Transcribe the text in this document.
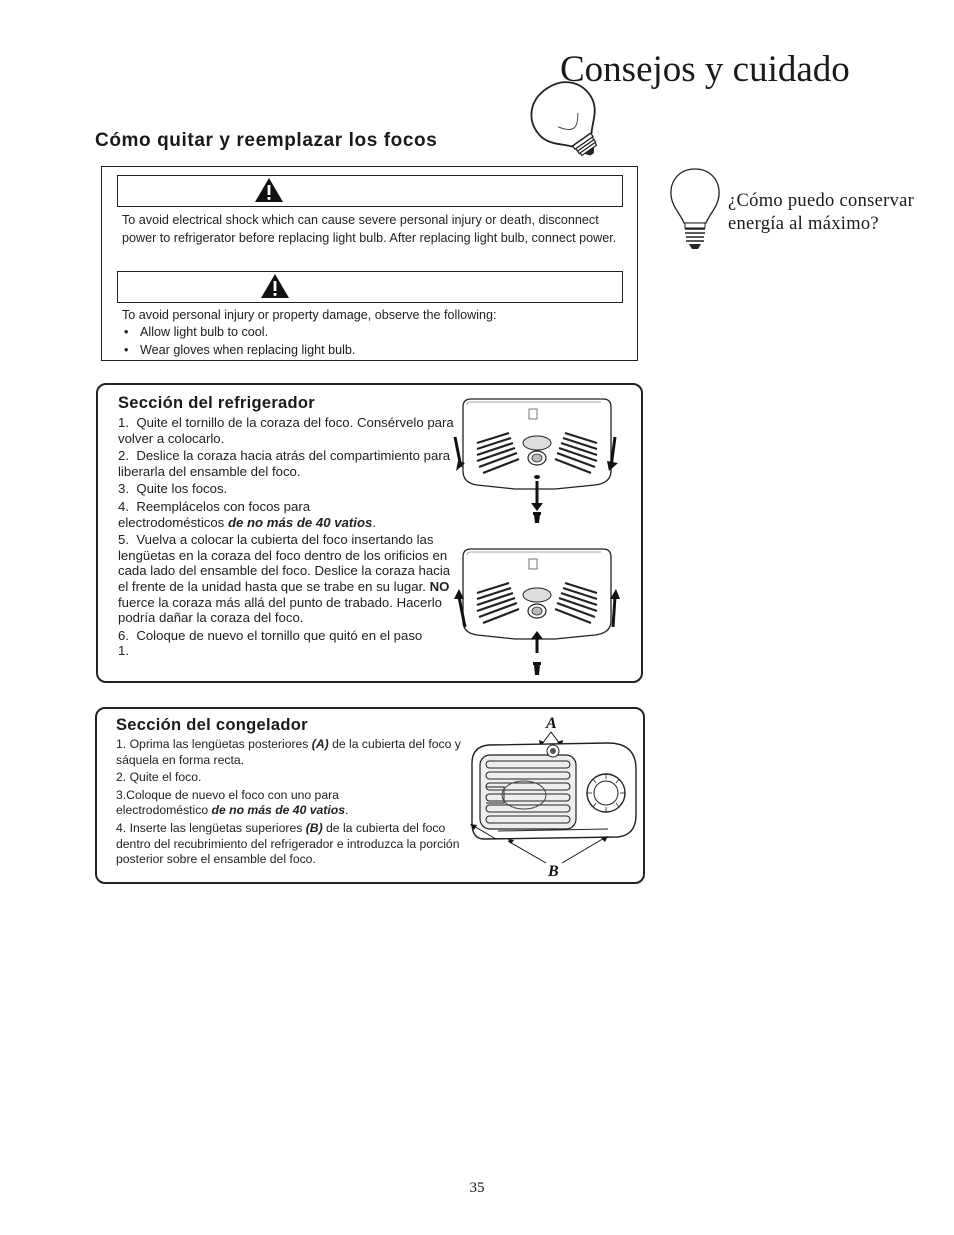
Consejos y cuidado
Cómo quitar y reemplazar los focos
¿Cómo puedo conservar energía al máximo?
To avoid electrical shock which can cause severe personal injury or death, disconnect power to refrigerator before replacing light bulb. After replacing light bulb, connect power.
To avoid personal injury or property damage, observe the following:
• Allow light bulb to cool.
• Wear gloves when replacing light bulb.
Sección del refrigerador
1. Quite el tornillo de la coraza del foco. Consérvelo para volver a colocarlo.
2. Deslice la coraza hacia atrás del compartimiento para liberarla del ensamble del foco.
3. Quite los focos.
4. Reemplácelos con focos para electrodomésticos de no más de 40 vatios.
5. Vuelva a colocar la cubierta del foco insertando las lengüetas en la coraza del foco dentro de los orificios en cada lado del ensamble del foco. Deslice la coraza hacia el frente de la unidad hasta que se trabe en su lugar. NO fuerce la coraza más allá del punto de trabado. Hacerlo podría dañar la coraza del foco.
6. Coloque de nuevo el tornillo que quitó en el paso 1.
Sección del congelador
1. Oprima las lengüetas posteriores (A) de la cubierta del foco y sáquela en forma recta.
2. Quite el foco.
3.Coloque de nuevo el foco con uno para electrodoméstico de no más de 40 vatios.
4. Inserte las lengüetas superiores (B) de la cubierta del foco dentro del recubrimiento del refrigerador e introduzca la porción posterior sobre el ensamble del foco.
A
B
35
